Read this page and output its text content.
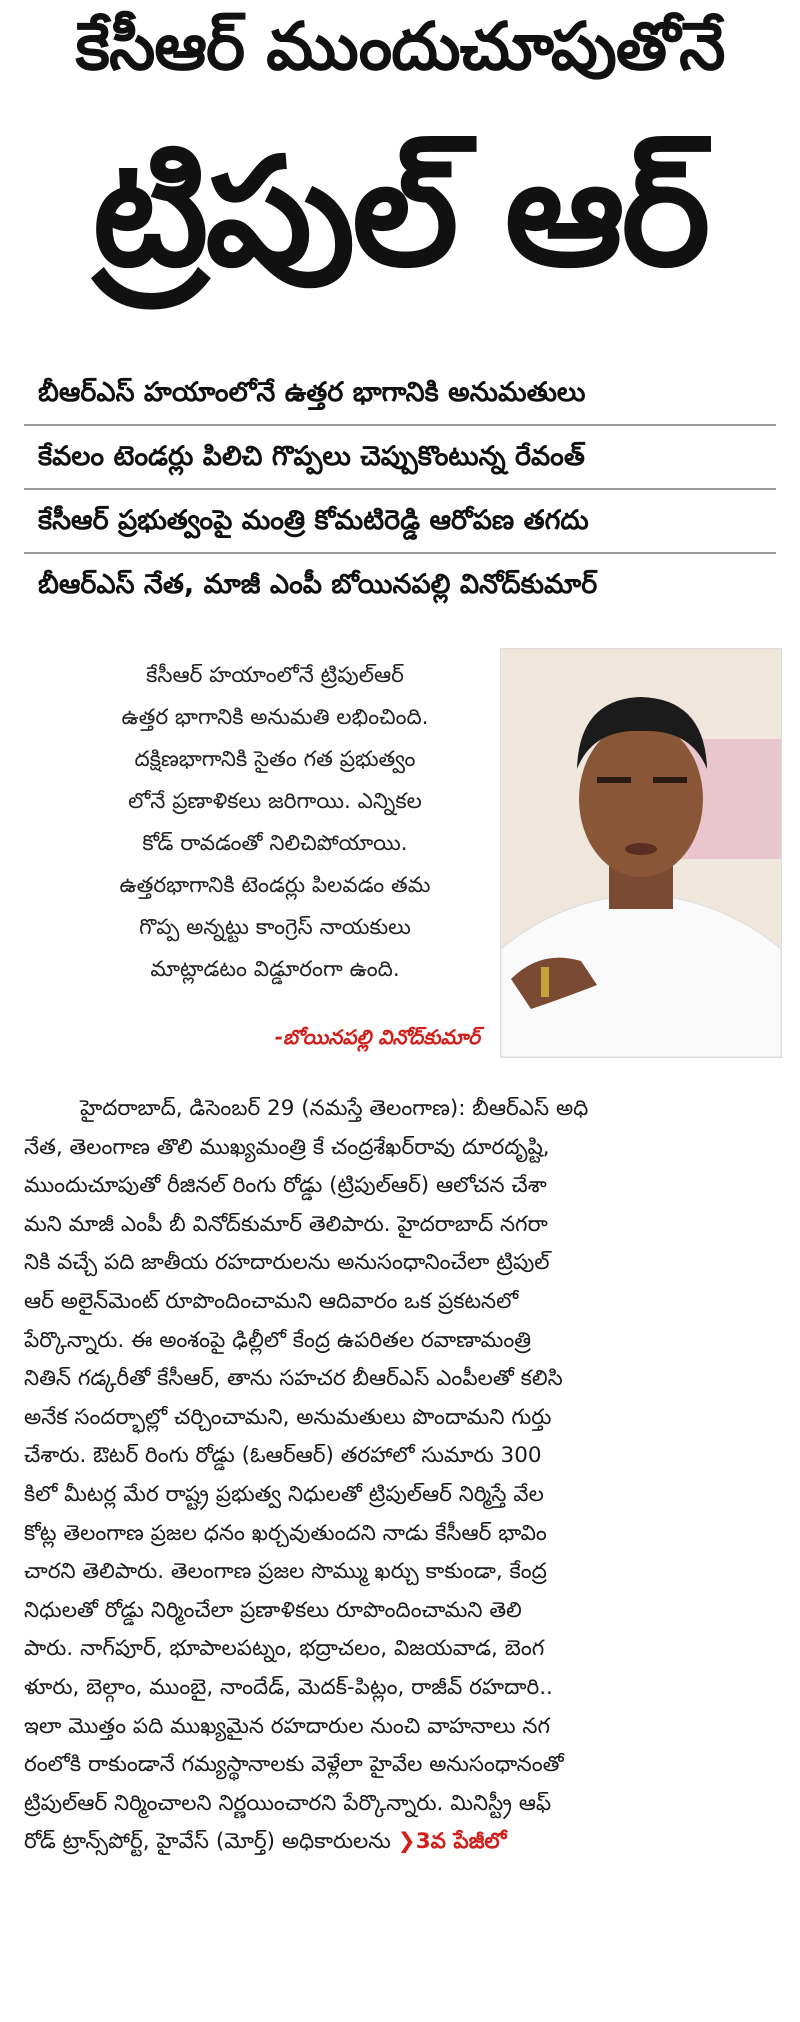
కేసీఆర్ ముందుచూపుతోనే
ట్రిపుల్ ఆర్
బీఆర్ఎస్ హయాంలోనే ఉత్తర భాగానికి అనుమతులు
కేవలం టెండర్లు పిలిచి గొప్పలు చెప్పుకొంటున్న రేవంత్
కేసీఆర్ ప్రభుత్వంపై మంత్రి కోమటిరెడ్డి ఆరోపణ తగదు
బీఆర్ఎస్ నేత, మాజీ ఎంపీ బోయినపల్లి వినోద్‌కుమార్
కేసీఆర్ హయాంలోనే ట్రిపుల్ఆర్
ఉత్తర భాగానికి అనుమతి లభించింది.
దక్షిణభాగానికి సైతం గత ప్రభుత్వం
లోనే ప్రణాళికలు జరిగాయి. ఎన్నికల
కోడ్ రావడంతో నిలిచిపోయాయి.
ఉత్తరభాగానికి టెండర్లు పిలవడం తమ
గొప్ప అన్నట్టు కాంగ్రెస్ నాయకులు
మాట్లాడటం విడ్డూరంగా ఉంది.
-బోయినపల్లి వినోద్‌కుమార్
హైదరాబాద్, డిసెంబర్ 29 (నమస్తే తెలంగాణ): బీఆర్ఎస్ అధి
నేత, తెలంగాణ తొలి ముఖ్యమంత్రి కే చంద్రశేఖర్‌రావు దూరదృష్టి,
ముందుచూపుతో రీజినల్ రింగు రోడ్డు (ట్రిపుల్ఆర్) ఆలోచన చేశా
మని మాజీ ఎంపీ బీ వినోద్‌కుమార్ తెలిపారు. హైదరాబాద్ నగరా
నికి వచ్చే పది జాతీయ రహదారులను అనుసంధానించేలా ట్రిపుల్
ఆర్ అలైన్‌మెంట్ రూపొందించామని ఆదివారం ఒక ప్రకటనలో
పేర్కొన్నారు. ఈ అంశంపై ఢిల్లీలో కేంద్ర ఉపరితల రవాణామంత్రి
నితిన్ గడ్కరీతో కేసీఆర్, తాను సహచర బీఆర్ఎస్ ఎంపీలతో కలిసి
అనేక సందర్భాల్లో చర్చించామని, అనుమతులు పొందామని గుర్తు
చేశారు. ఔటర్ రింగు రోడ్డు (ఓఆర్ఆర్) తరహాలో సుమారు 300
కిలో మీటర్ల మేర రాష్ట్ర ప్రభుత్వ నిధులతో ట్రిపుల్ఆర్ నిర్మిస్తే వేల
కోట్ల తెలంగాణ ప్రజల ధనం ఖర్చవుతుందని నాడు కేసీఆర్ భావిం
చారని తెలిపారు. తెలంగాణ ప్రజల సొమ్ము ఖర్చు కాకుండా, కేంద్ర
నిధులతో రోడ్డు నిర్మించేలా ప్రణాళికలు రూపొందించామని తెలి
పారు. నాగ్‌పూర్, భూపాలపట్నం, భద్రాచలం, విజయవాడ, బెంగ
ళూరు, బెల్గాం, ముంబై, నాందేడ్, మెదక్-పిట్లం, రాజీవ్ రహదారి..
ఇలా మొత్తం పది ముఖ్యమైన రహదారుల నుంచి వాహనాలు నగ
రంలోకి రాకుండానే గమ్యస్థానాలకు వెళ్లేలా హైవేల అనుసంధానంతో
ట్రిపుల్ఆర్ నిర్మించాలని నిర్ణయించారని పేర్కొన్నారు. మినిస్ట్రీ ఆఫ్
రోడ్ ట్రాన్స్‌పోర్ట్, హైవేస్ (మోర్త్) అధికారులను ❯3వ పేజీలో
